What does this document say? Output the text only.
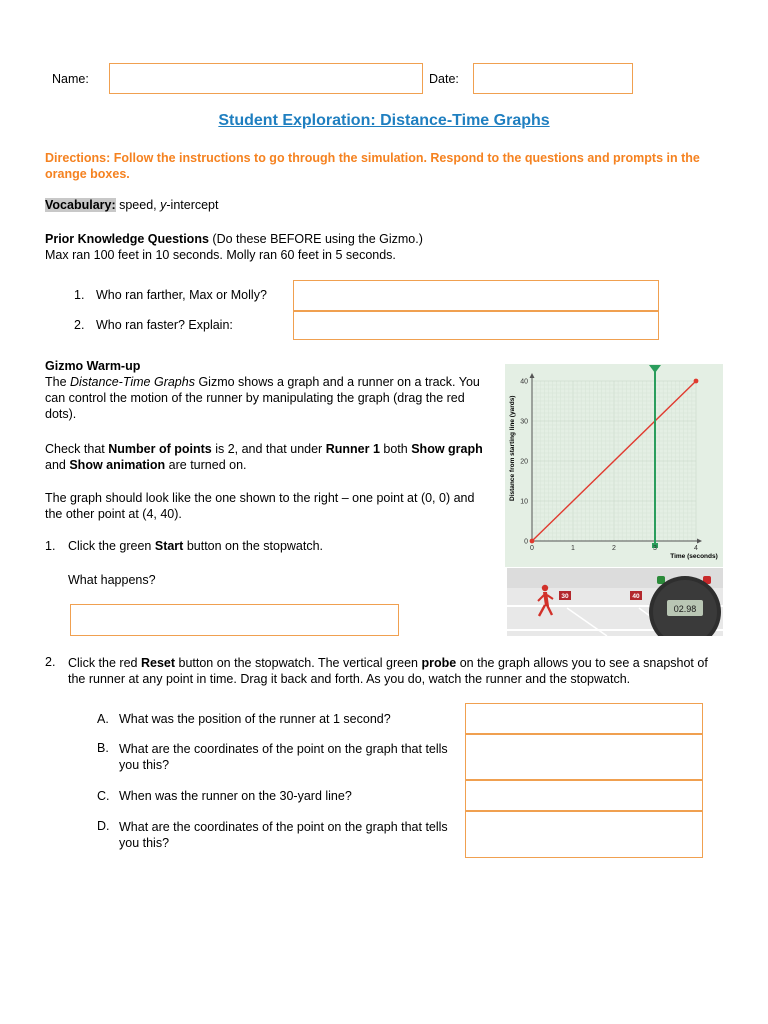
Name:	Date:
Student Exploration: Distance-Time Graphs
Directions: Follow the instructions to go through the simulation. Respond to the questions and prompts in the orange boxes.
Vocabulary: speed, y-intercept
Prior Knowledge Questions (Do these BEFORE using the Gizmo.)
Max ran 100 feet in 10 seconds. Molly ran 60 feet in 5 seconds.
1. Who ran farther, Max or Molly?
2. Who ran faster? Explain:
Gizmo Warm-up
The Distance-Time Graphs Gizmo shows a graph and a runner on a track. You can control the motion of the runner by manipulating the graph (drag the red dots).
Check that Number of points is 2, and that under Runner 1 both Show graph and Show animation are turned on.
The graph should look like the one shown to the right – one point at (0, 0) and the other point at (4, 40).
1. Click the green Start button on the stopwatch.
What happens?
0	1	2	3	4
0
10
20
30
40
Distance from starting line (yards)
Time (seconds)
30	40
02.98
2. Click the red Reset button on the stopwatch. The vertical green probe on the graph allows you to see a snapshot of the runner at any point in time. Drag it back and forth. As you do, watch the runner and the stopwatch.
A. What was the position of the runner at 1 second?
B. What are the coordinates of the point on the graph that tells you this?
C. When was the runner on the 30-yard line?
D. What are the coordinates of the point on the graph that tells you this?
